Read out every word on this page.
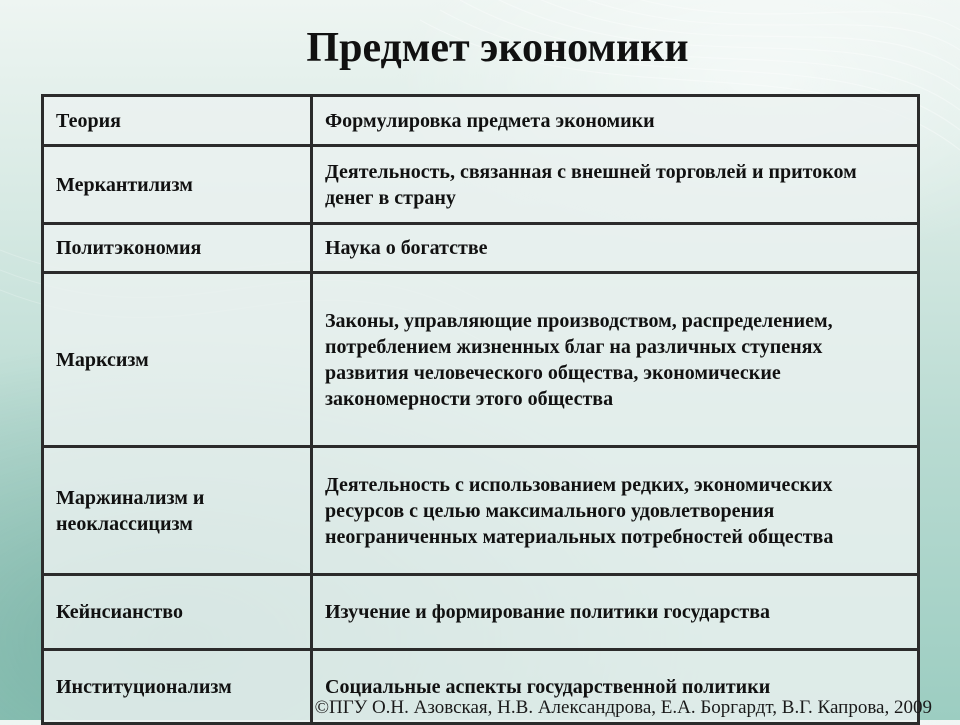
Предмет экономики
Теория	Формулировка предмета экономики
Меркантилизм	Деятельность, связанная с внешней торговлей и притоком денег в страну
Политэкономия	Наука о богатстве
Марксизм	Законы, управляющие производством, распределением, потреблением жизненных благ на различных ступенях развития человеческого общества, экономические закономерности этого общества
Маржинализм и неоклассицизм	Деятельность с использованием редких, экономических ресурсов с целью максимального удовлетворения неограниченных материальных потребностей общества
Кейнсианство	Изучение и формирование политики государства
Институционализм	Социальные аспекты государственной политики
©ПГУ О.Н. Азовская, Н.В. Александрова, Е.А. Боргардт, В.Г. Капрова, 2009
